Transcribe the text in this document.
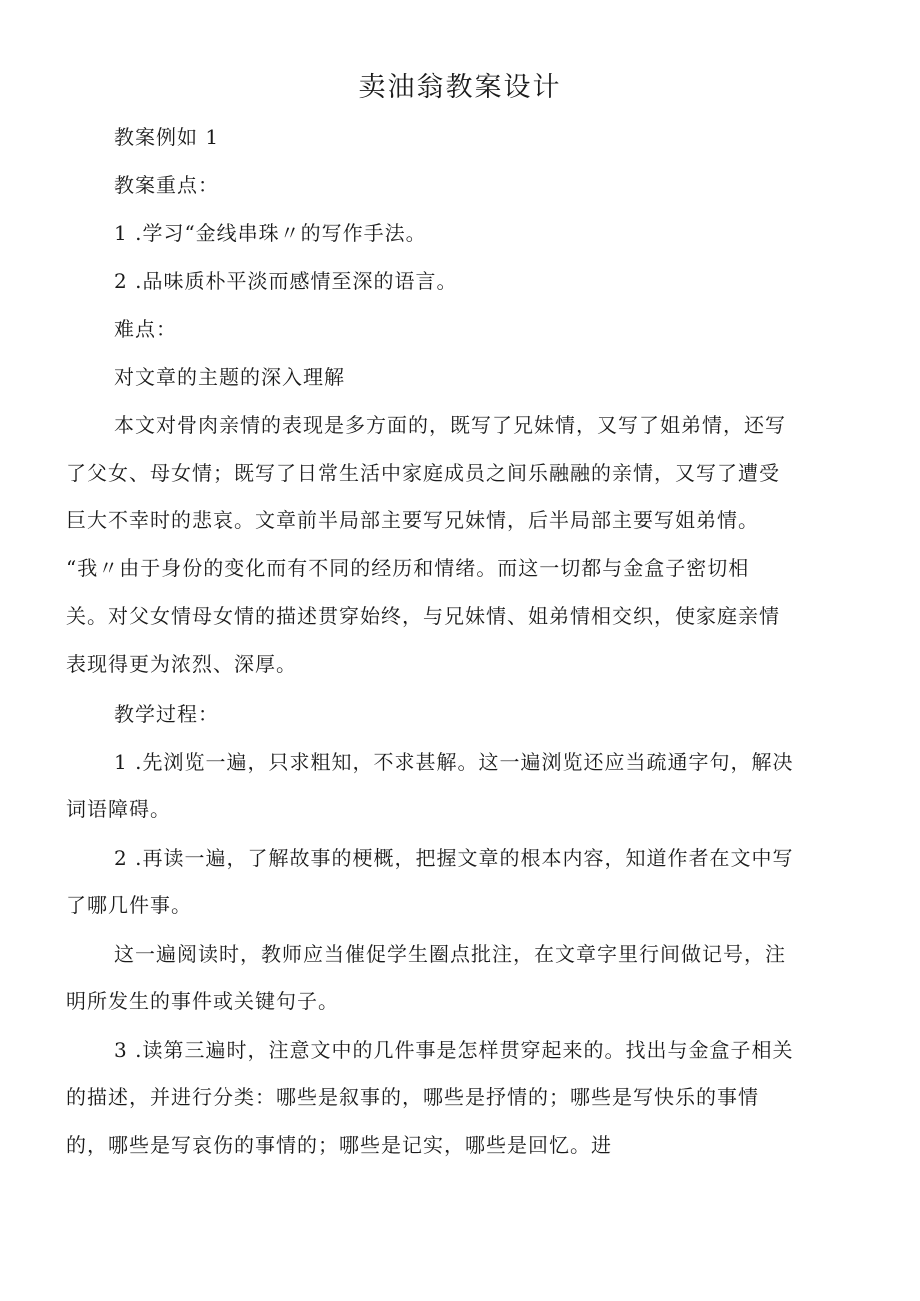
卖油翁教案设计

教案例如 1

教案重点：

1 .学习“金线串珠〃的写作手法。

2 .品味质朴平淡而感情至深的语言。

难点：

对文章的主题的深入理解

本文对骨肉亲情的表现是多方面的，既写了兄妹情，又写了姐弟情，还写

了父女、母女情；既写了日常生活中家庭成员之间乐融融的亲情，又写了遭受

巨大不幸时的悲哀。文章前半局部主要写兄妹情，后半局部主要写姐弟情。

“我〃由于身份的变化而有不同的经历和情绪。而这一切都与金盒子密切相

关。对父女情母女情的描述贯穿始终，与兄妹情、姐弟情相交织，使家庭亲情

表现得更为浓烈、深厚。

教学过程：

1 .先浏览一遍，只求粗知，不求甚解。这一遍浏览还应当疏通字句，解决

词语障碍。

2 .再读一遍，了解故事的梗概，把握文章的根本内容，知道作者在文中写

了哪几件事。

这一遍阅读时，教师应当催促学生圈点批注，在文章字里行间做记号，注

明所发生的事件或关键句子。

3 .读第三遍时，注意文中的几件事是怎样贯穿起来的。找出与金盒子相关

的描述，并进行分类：哪些是叙事的，哪些是抒情的；哪些是写快乐的事情

的，哪些是写哀伤的事情的；哪些是记实，哪些是回忆。进
